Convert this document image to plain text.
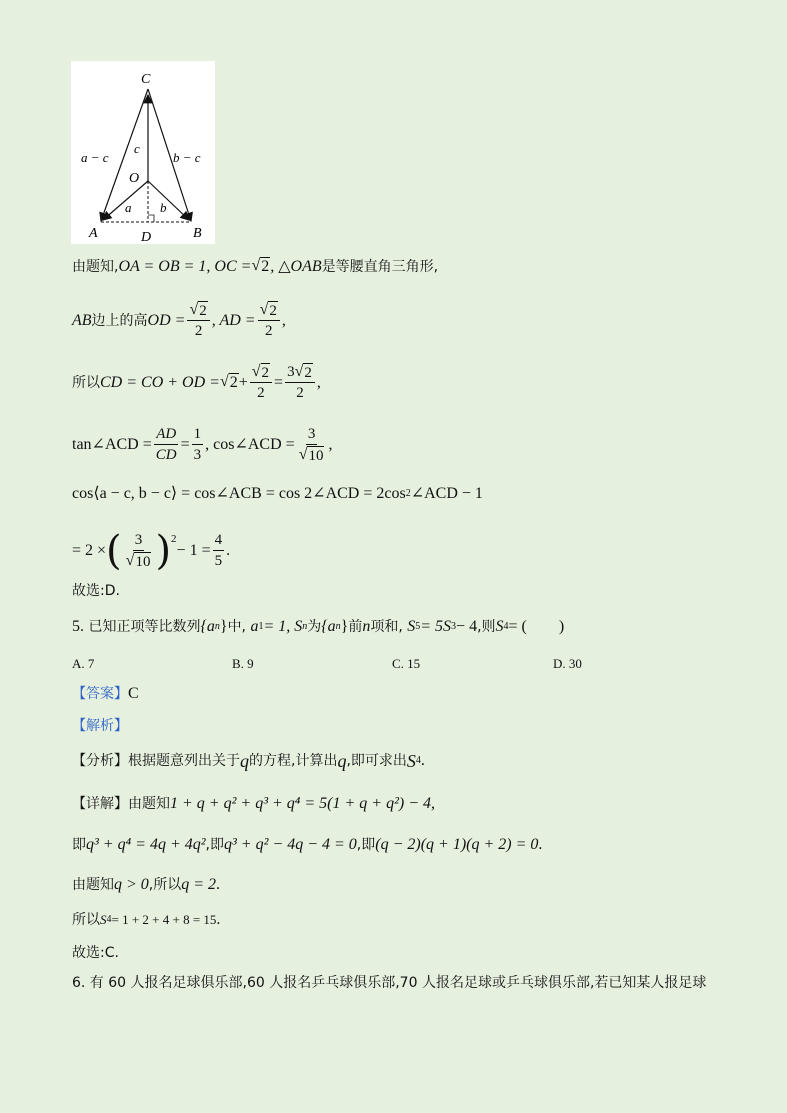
C
O
A	B
D
c
a b
a − c	b − c
由题知, OA = OB = 1, OC = √ 2 , △OAB 是等腰直角三角形,
AB 边上的高 OD = $\frac{√ 2}{2}$ , AD = $\frac{√ 2}{2}$ ,
所以 CD = CO + OD = √ $2 + \frac{√ 2}{2} = \frac{3 √ 2}{2}$ ,
tan∠ACD = $\frac{AD}{CD} = \frac{1}{3}$ , cos∠ACD = $\frac{3}{√ 10}$ ,
cos⟨a − c, b − c⟩ = cos∠ACB = cos 2∠ACD = 2cos 2 ∠ACD − 1
= 2 × ( $\frac{3}{√ 10}$ ) 2
− $1 = \frac{4}{5}$ .
故选:D.
5.
已知正项等比数列 {a n } 中,
a 1 = 1, S n 为 {a n } 前 n 项和,
S 5 = 5S 3 − 4 ,则 S 4 = (　　)
A. 7	B. 9	C. 15	D. 30
【答案】 C
【解析】
【分析】 根据题意列出关于 q 的方程,计算出 q ,即可求出 S 4 .
【详解】 由题知 1 + q + q² + q³ + q⁴ = 5(1 + q + q²) − 4 ,
即 q³ + q⁴ = 4q + 4q² ,即 q³ + q² − 4q − 4 = 0 ,即 (q − 2)(q + 1)(q + 2) = 0 .
由题知 q > 0 ,所以 q = 2 .
所以 S 4 = 1 + 2 + 4 + 8 = 15 .
故选:C.
6. 有 60 人报名足球俱乐部,60 人报名乒乓球俱乐部,70 人报名足球或乒乓球俱乐部,若已知某人报足球
